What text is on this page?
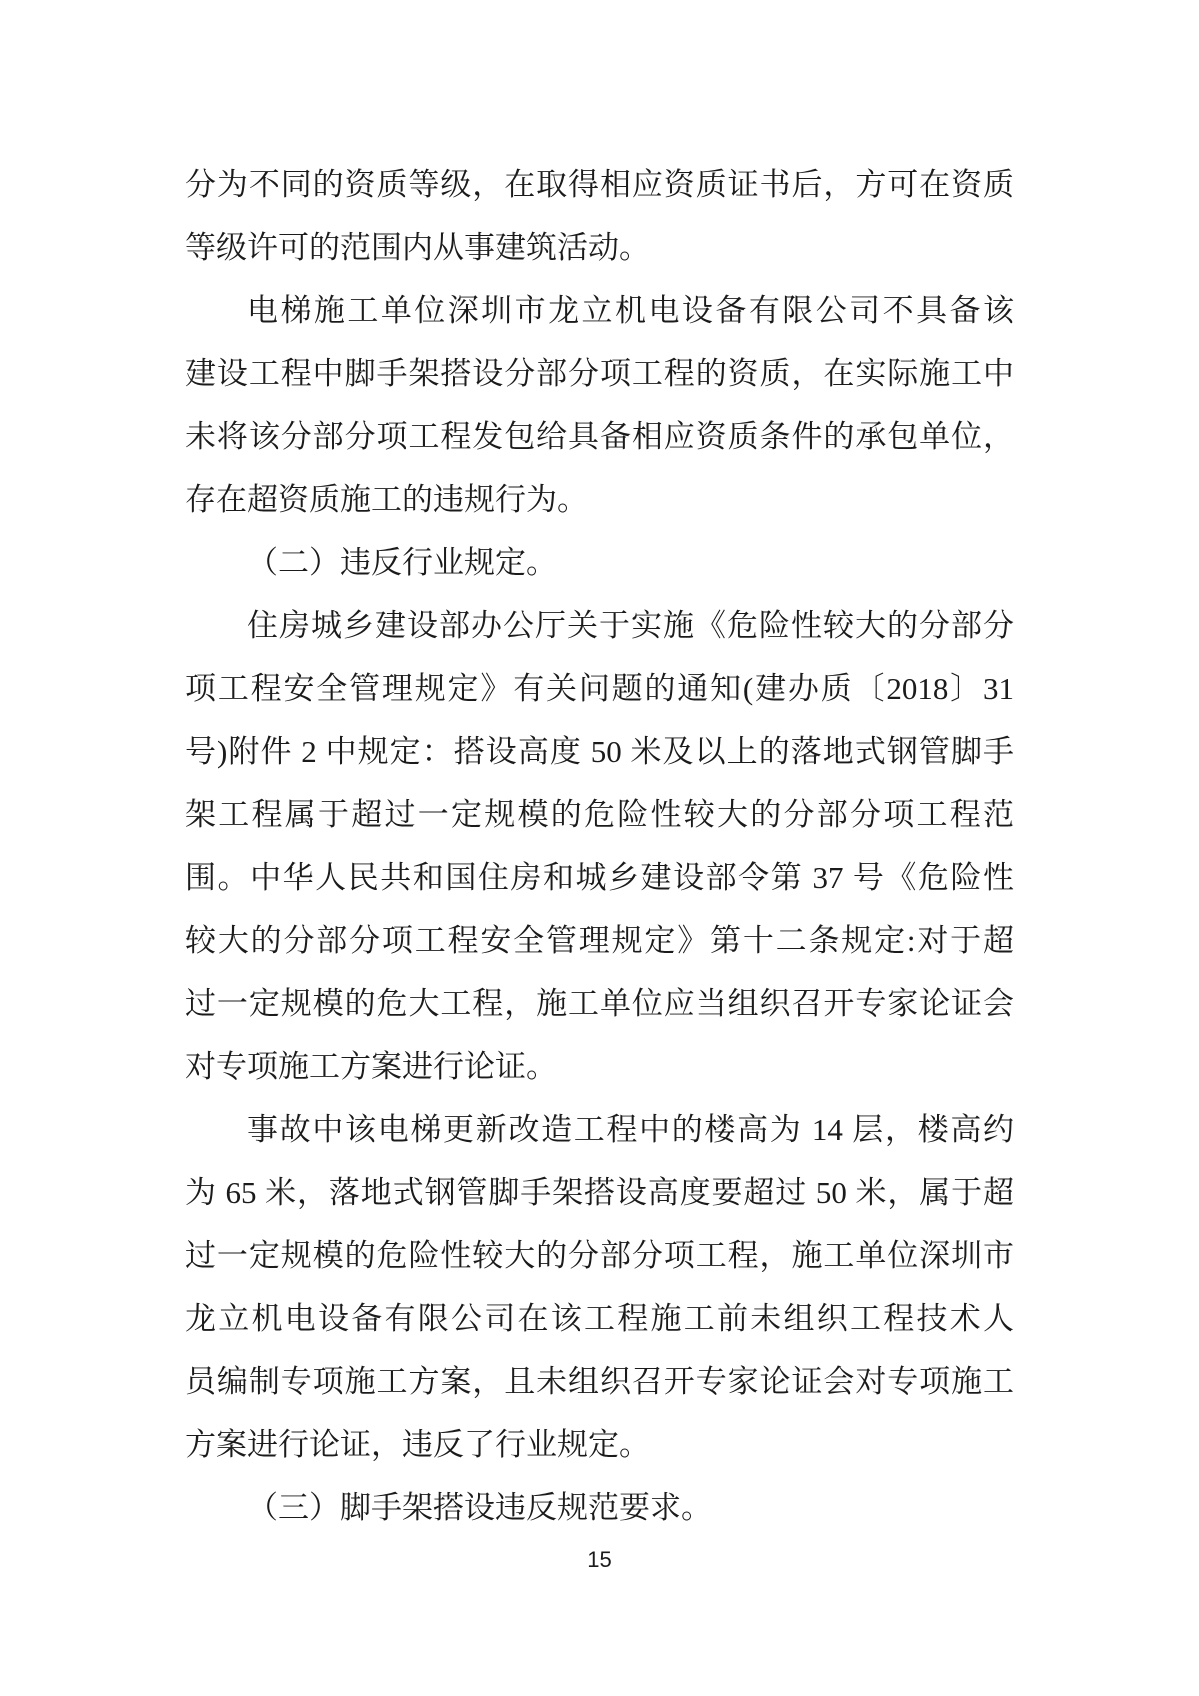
分为不同的资质等级，在取得相应资质证书后，方可在资质
等级许可的范围内从事建筑活动。
电梯施工单位深圳市龙立机电设备有限公司不具备该
建设工程中脚手架搭设分部分项工程的资质，在实际施工中
未将该分部分项工程发包给具备相应资质条件的承包单位，
存在超资质施工的违规行为。
（二）违反行业规定。
住房城乡建设部办公厅关于实施《危险性较大的分部分
项工程安全管理规定》有关问题的通知(建办质〔2018〕31
号)附件 2 中规定：搭设高度 50 米及以上的落地式钢管脚手
架工程属于超过一定规模的危险性较大的分部分项工程范
围。中华人民共和国住房和城乡建设部令第 37 号《危险性
较大的分部分项工程安全管理规定》第十二条规定:对于超
过一定规模的危大工程，施工单位应当组织召开专家论证会
对专项施工方案进行论证。
事故中该电梯更新改造工程中的楼高为 14 层，楼高约
为 65 米，落地式钢管脚手架搭设高度要超过 50 米，属于超
过一定规模的危险性较大的分部分项工程，施工单位深圳市
龙立机电设备有限公司在该工程施工前未组织工程技术人
员编制专项施工方案，且未组织召开专家论证会对专项施工
方案进行论证，违反了行业规定。
（三）脚手架搭设违反规范要求。
15
